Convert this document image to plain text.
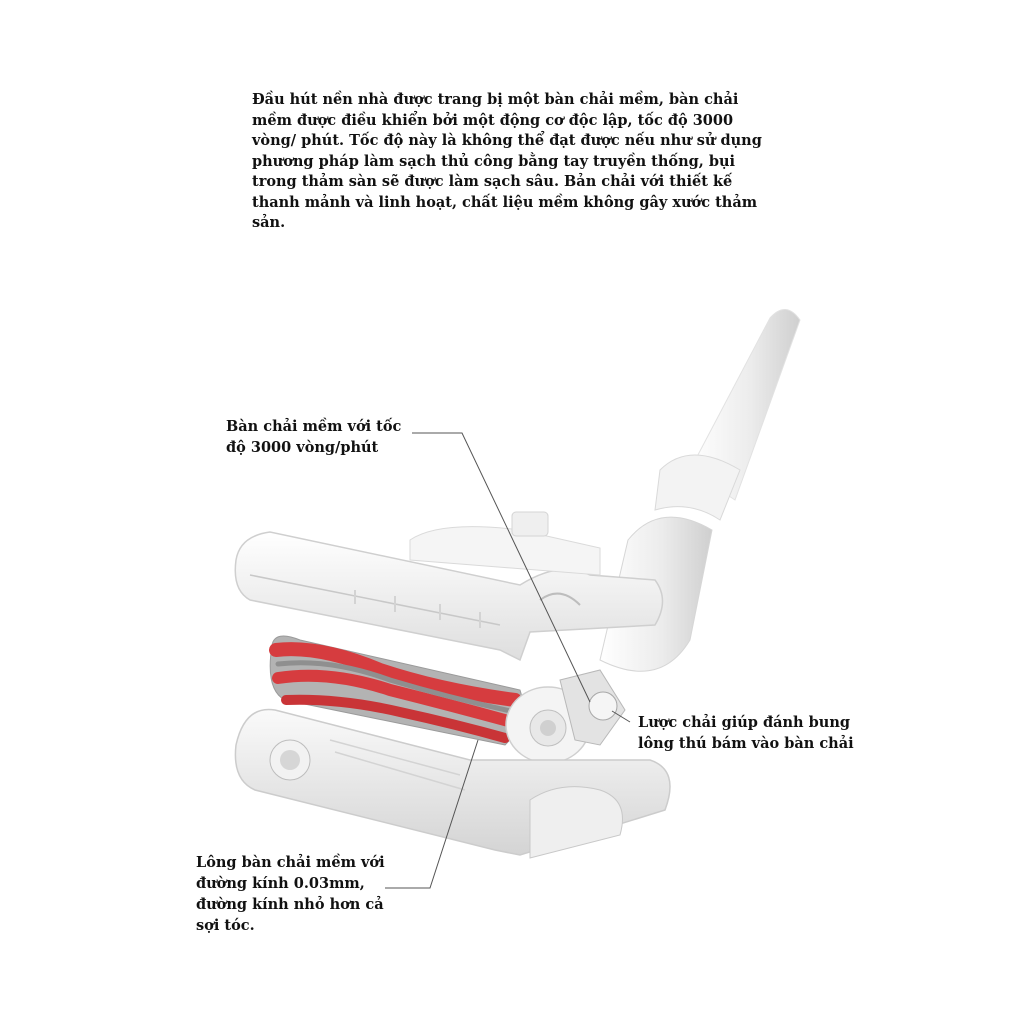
Đầu hút nền nhà được trang bị một bàn chải mềm, bàn chải
mềm được điều khiển bởi một động cơ độc lập, tốc độ 3000
vòng/ phút. Tốc độ này là không thể đạt được nếu như sử dụng
phương pháp làm sạch thủ công bằng tay truyền thống, bụi
trong thảm sàn sẽ được làm sạch sâu. Bản chải với thiết kế
thanh mảnh và linh hoạt, chất liệu mềm không gây xước thảm
sản.
Bàn chải mềm với tốc
độ 3000 vòng/phút
Lược chải giúp đánh bung
lông thú bám vào bàn chải
Lông bàn chải mềm với
đường kính 0.03mm,
đường kính nhỏ hơn cả
sợi tóc.
